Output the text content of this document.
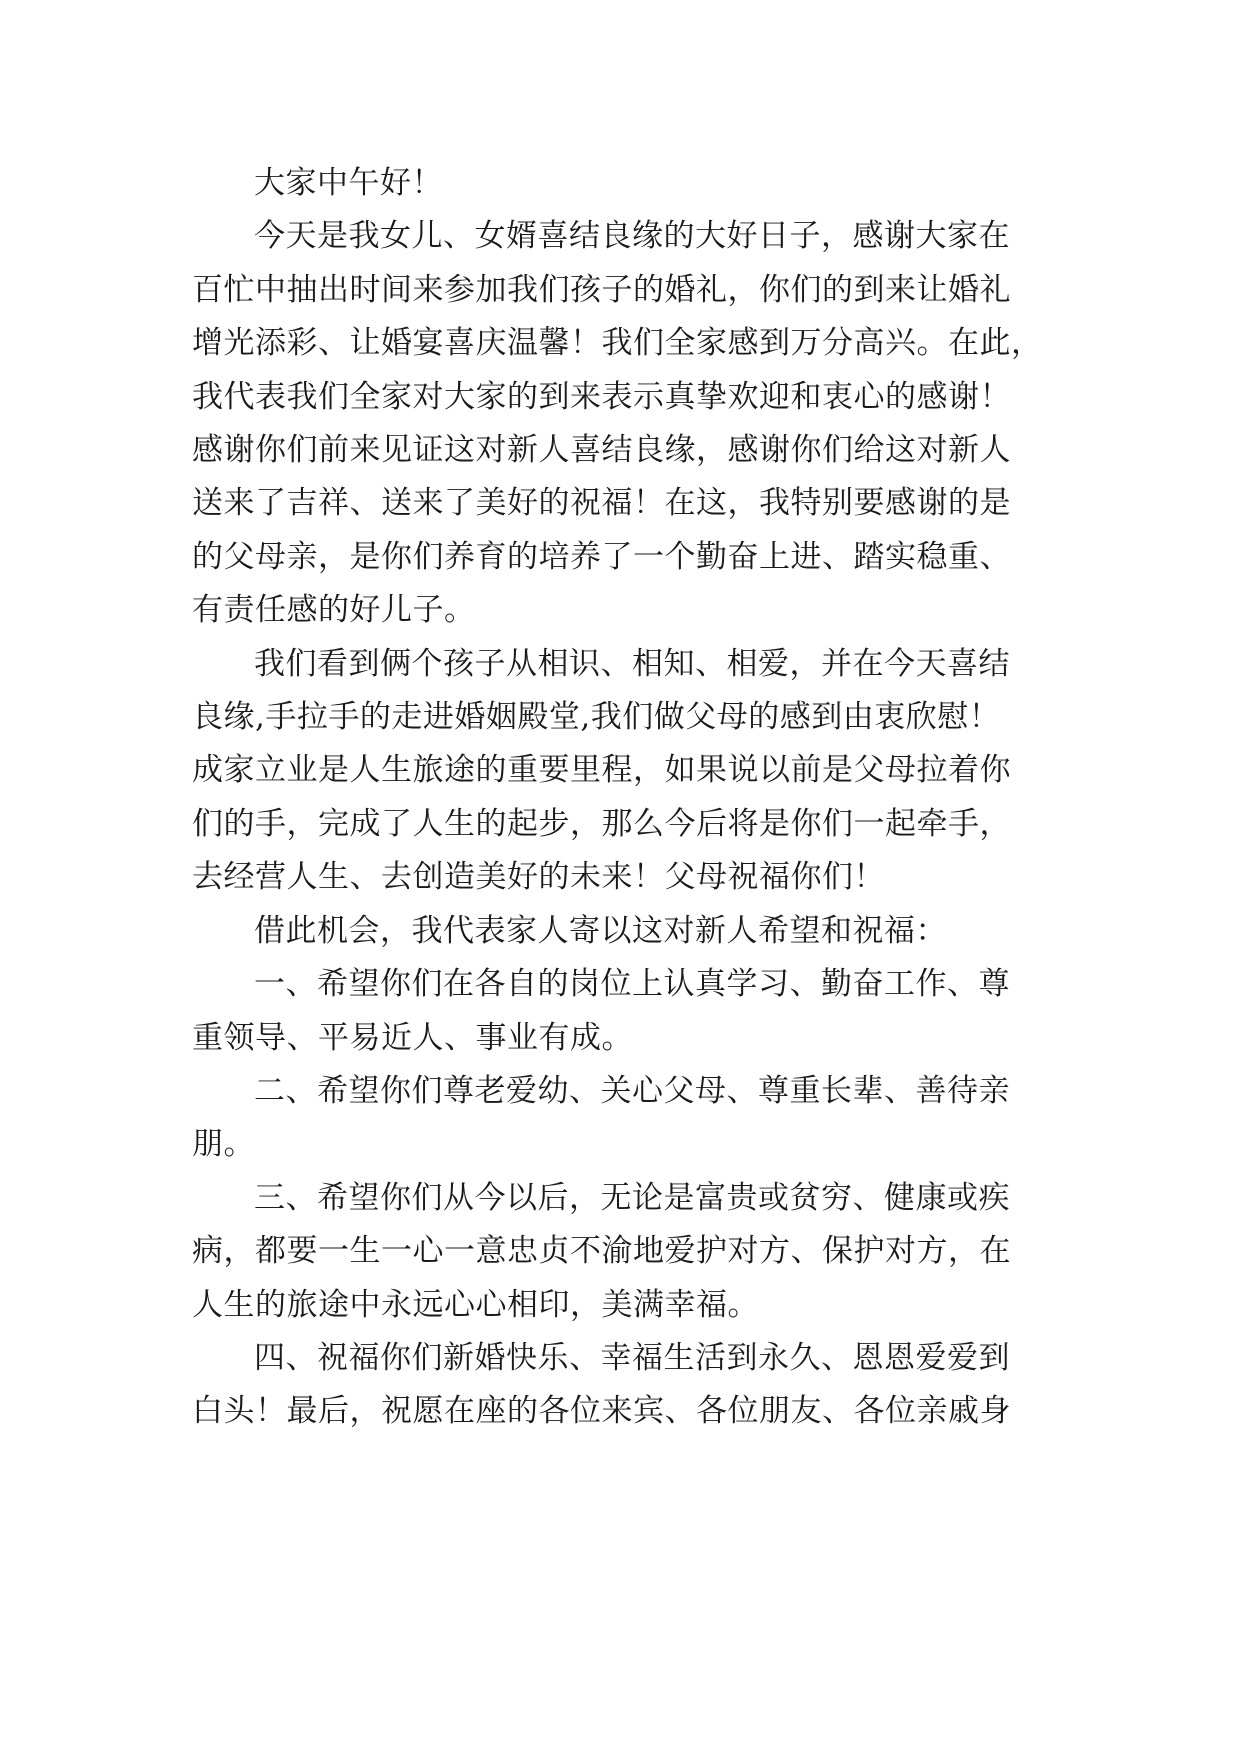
大家中午好！

今天是我女儿、女婿喜结良缘的大好日子，感谢大家在
百忙中抽出时间来参加我们孩子的婚礼，你们的到来让婚礼
增光添彩、让婚宴喜庆温馨！我们全家感到万分高兴。在此，
我代表我们全家对大家的到来表示真挚欢迎和衷心的感谢！
感谢你们前来见证这对新人喜结良缘，感谢你们给这对新人
送来了吉祥、送来了美好的祝福！在这，我特别要感谢的是
的父母亲，是你们养育的培养了一个勤奋上进、踏实稳重、
有责任感的好儿子。

我们看到俩个孩子从相识、相知、相爱，并在今天喜结
良缘,手拉手的走进婚姻殿堂,我们做父母的感到由衷欣慰！
成家立业是人生旅途的重要里程，如果说以前是父母拉着你
们的手，完成了人生的起步，那么今后将是你们一起牵手，
去经营人生、去创造美好的未来！父母祝福你们！

借此机会，我代表家人寄以这对新人希望和祝福：

一、希望你们在各自的岗位上认真学习、勤奋工作、尊
重领导、平易近人、事业有成。

二、希望你们尊老爱幼、关心父母、尊重长辈、善待亲
朋。

三、希望你们从今以后，无论是富贵或贫穷、健康或疾
病，都要一生一心一意忠贞不渝地爱护对方、保护对方，在
人生的旅途中永远心心相印，美满幸福。

四、祝福你们新婚快乐、幸福生活到永久、恩恩爱爱到
白头！最后，祝愿在座的各位来宾、各位朋友、各位亲戚身
